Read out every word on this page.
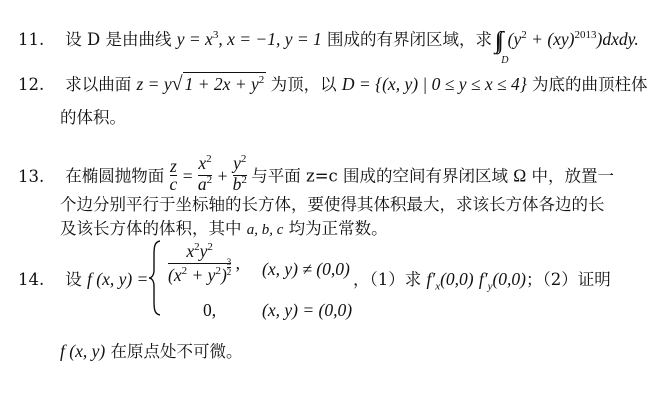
11. 设 D 是由曲线 $y = x^3$, x = −1, y = 1 围成的有界闭区域，求
D
($y^2$ + (xy)$^{2013}$)dxdy.
12. 求以曲面 z = y√ $1 + 2x + y^2$ 为顶，以 D = {(x, y) | 0 ≤ y ≤ x ≤ 4} 为底的曲顶柱体
的体积。
13. 在椭圆抛物面 $\frac{z}{c} = \frac{x^2}{a^2} + \frac{y^2}{b^2}$ 与平面 z=c 围成的空间有界闭区域 Ω 中，放置一
个边分别平行于坐标轴的长方体，要使得其体积最大，求该长方体各边的长
及该长方体的体积，其中 a, b, c 均为正常数。
14. 设 f (x, $y) = \frac{x^2y^2}{(x^2 + y^2) \frac{3}{2}}$ , (x, y) ≠ (0,0)
0,	(x, y) = (0,0)
，（1）求 $f'_x(0,0)$ $f'_y(0,0)$；（2）证明
f (x, y) 在原点处不可微。
